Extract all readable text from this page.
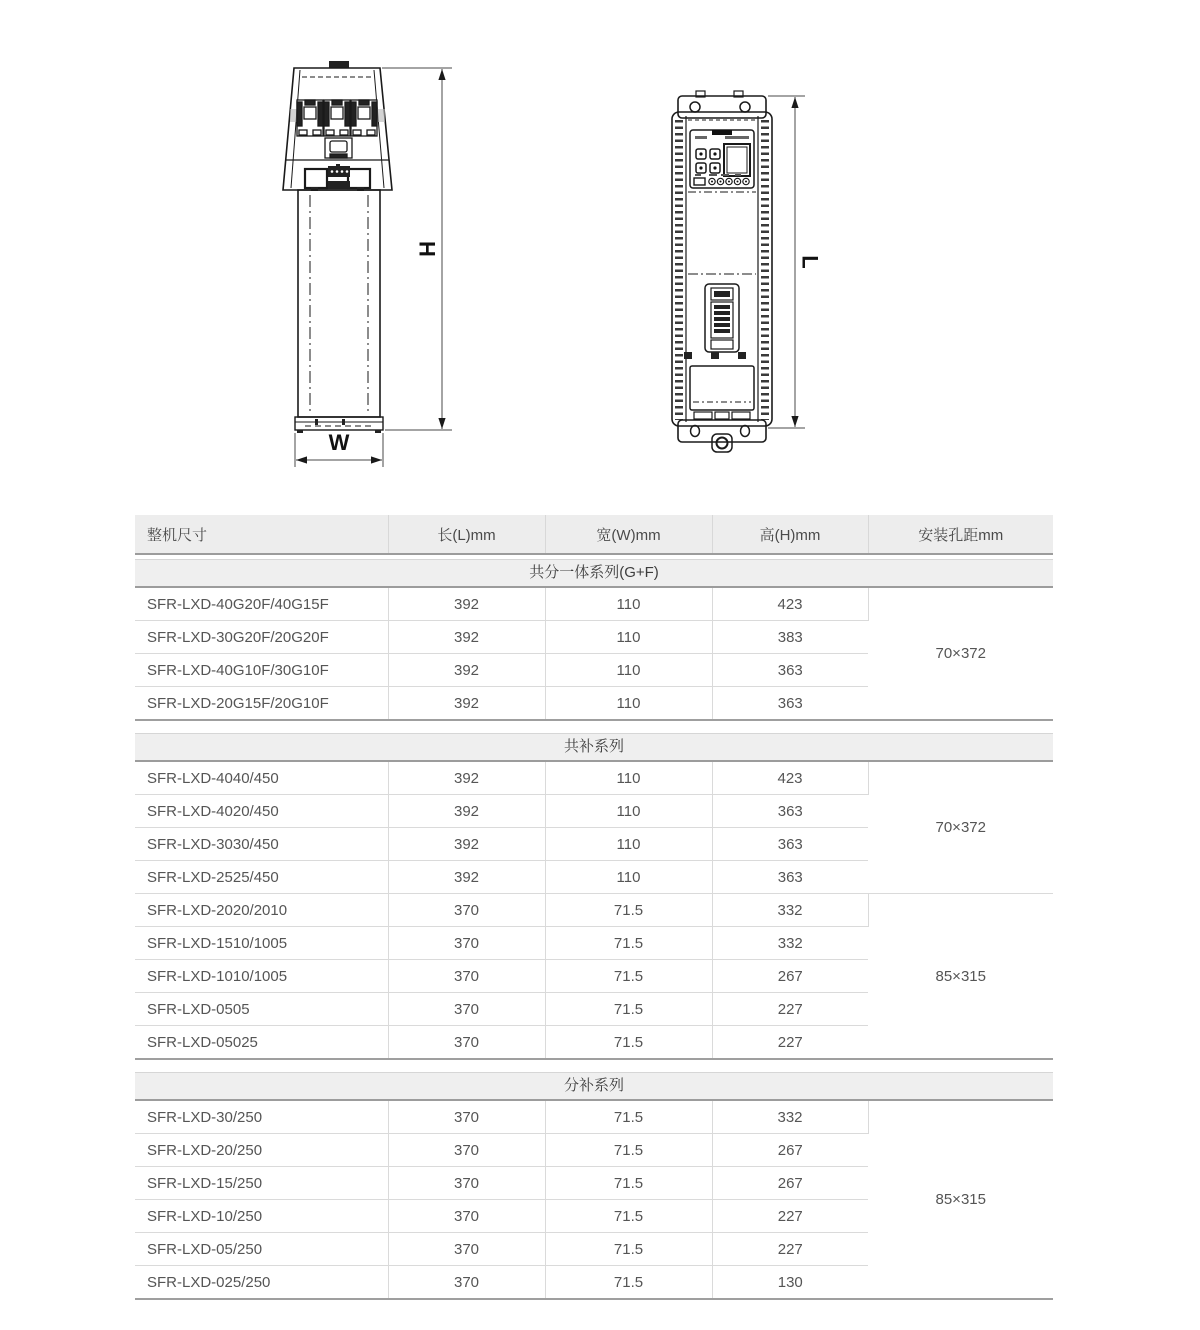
H
W
L
整机尺寸	长(L)mm	宽(W)mm	高(H)mm	安装孔距mm
共分一体系列(G+F)
SFR-LXD-40G20F/40G15F	392	110	423	70×372
SFR-LXD-30G20F/20G20F	392	110	383	
SFR-LXD-40G10F/30G10F	392	110	363	
SFR-LXD-20G15F/20G10F	392	110	363	
共补系列
SFR-LXD-4040/450	392	110	423	70×372
SFR-LXD-4020/450	392	110	363	
SFR-LXD-3030/450	392	110	363	
SFR-LXD-2525/450	392	110	363	
SFR-LXD-2020/2010	370	71.5	332	85×315
SFR-LXD-1510/1005	370	71.5	332	
SFR-LXD-1010/1005	370	71.5	267	
SFR-LXD-0505	370	71.5	227	
SFR-LXD-05025	370	71.5	227	
分补系列
SFR-LXD-30/250	370	71.5	332	85×315
SFR-LXD-20/250	370	71.5	267	
SFR-LXD-15/250	370	71.5	267	
SFR-LXD-10/250	370	71.5	227	
SFR-LXD-05/250	370	71.5	227	
SFR-LXD-025/250	370	71.5	130	
